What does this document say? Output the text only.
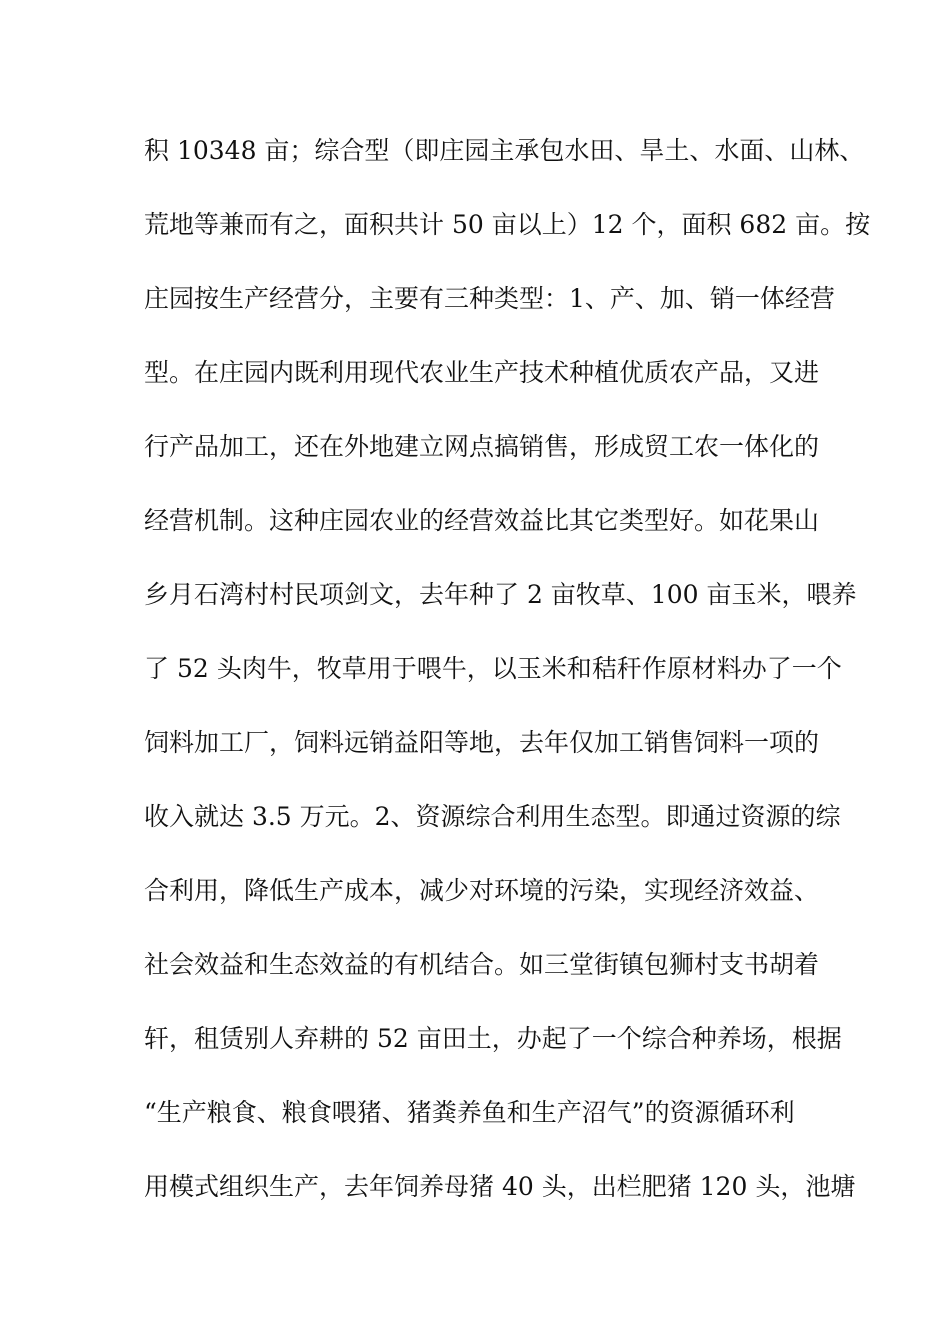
积 10348 亩；综合型（即庄园主承包水田、旱土、水面、山林、
荒地等兼而有之，面积共计 50 亩以上）12 个，面积 682 亩。按
庄园按生产经营分，主要有三种类型：1、产、加、销一体经营
型。在庄园内既利用现代农业生产技术种植优质农产品，又进
行产品加工，还在外地建立网点搞销售，形成贸工农一体化的
经营机制。这种庄园农业的经营效益比其它类型好。如花果山
乡月石湾村村民项剑文，去年种了 2 亩牧草、100 亩玉米，喂养
了 52 头肉牛，牧草用于喂牛，以玉米和秸秆作原材料办了一个
饲料加工厂，饲料远销益阳等地，去年仅加工销售饲料一项的
收入就达 3.5 万元。2、资源综合利用生态型。即通过资源的综
合利用，降低生产成本，减少对环境的污染，实现经济效益、
社会效益和生态效益的有机结合。如三堂街镇包狮村支书胡着
轩，租赁别人弃耕的 52 亩田土，办起了一个综合种养场，根据
“生产粮食、粮食喂猪、猪粪养鱼和生产沼气”的资源循环利
用模式组织生产，去年饲养母猪 40 头，出栏肥猪 120 头，池塘
